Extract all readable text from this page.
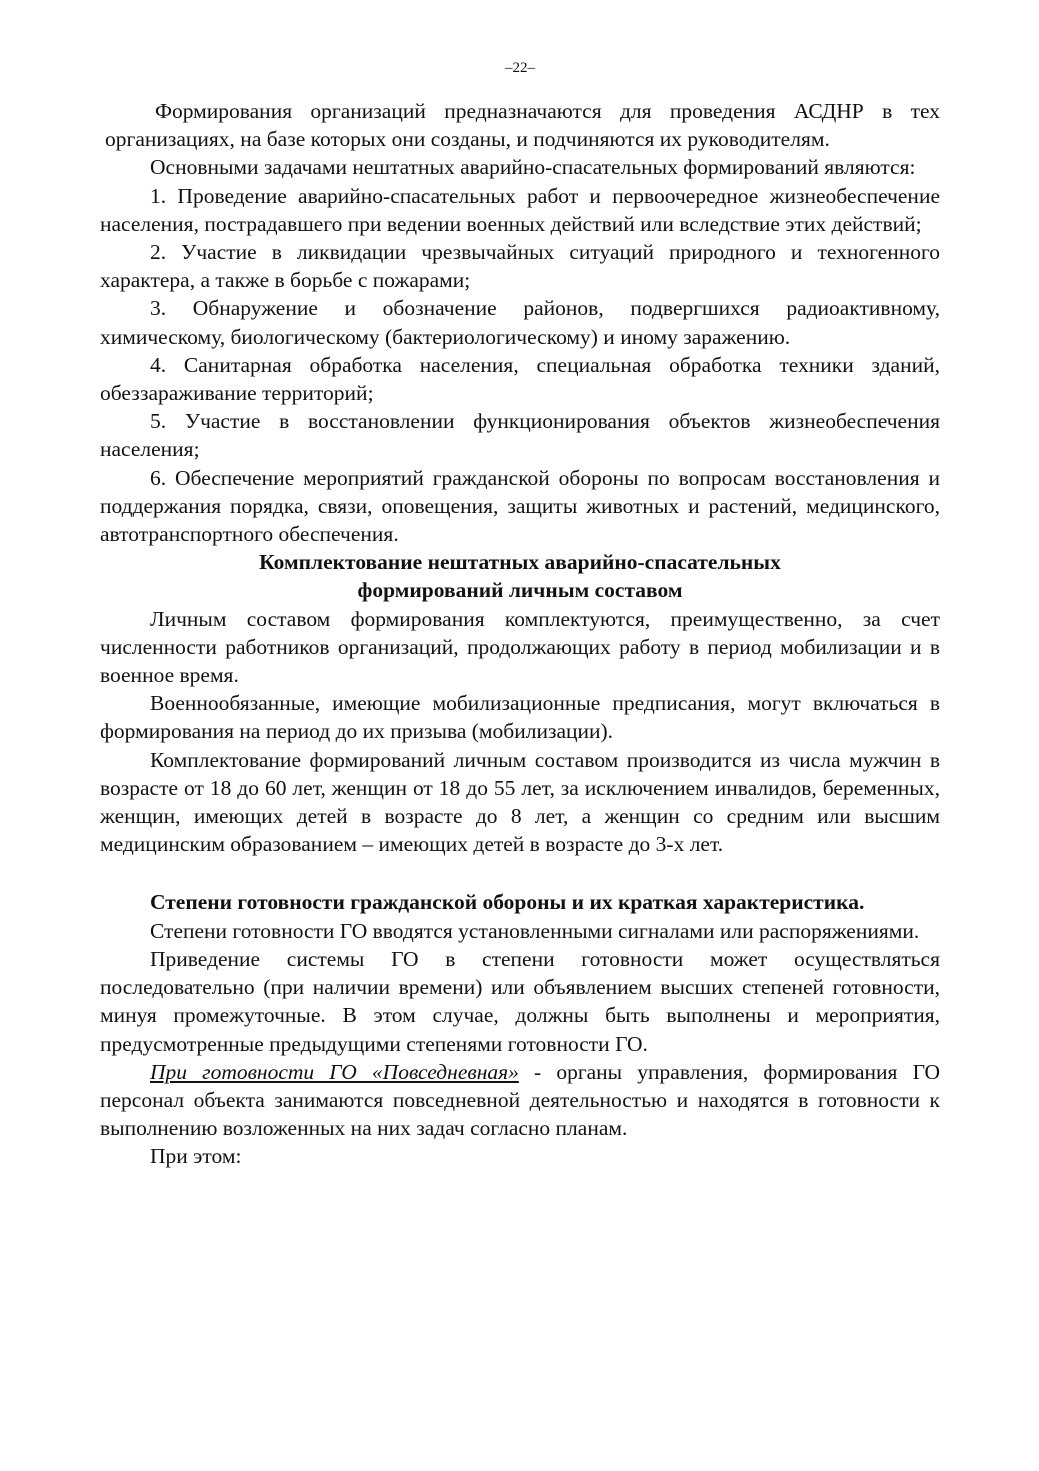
–22–

Формирования организаций предназначаются для проведения АСДНР в тех организациях, на базе которых они созданы, и подчиняются их руководителям.

Основными задачами нештатных аварийно-спасательных формирований являются:

1. Проведение аварийно-спасательных работ и первоочередное жизнеобеспечение населения, пострадавшего при ведении военных действий или вследствие этих действий;

2. Участие в ликвидации чрезвычайных ситуаций природного и техногенного характера, а также в борьбе с пожарами;

3. Обнаружение и обозначение районов, подвергшихся радиоактивному, химическому, биологическому (бактериологическому) и иному заражению.

4. Санитарная обработка населения, специальная обработка техники зданий, обеззараживание территорий;

5. Участие в восстановлении функционирования объектов жизнеобеспечения населения;

6. Обеспечение мероприятий гражданской обороны по вопросам восстановления и поддержания порядка, связи, оповещения, защиты животных и растений, медицинского, автотранспортного обеспечения.

Комплектование нештатных аварийно-спасательных
формирований личным составом

Личным составом формирования комплектуются, преимущественно, за счет численности работников организаций, продолжающих работу в период мобилизации и в военное время.

Военнообязанные, имеющие мобилизационные предписания, могут включаться в формирования на период до их призыва (мобилизации).

Комплектование формирований личным составом производится из числа мужчин в возрасте от 18 до 60 лет, женщин от 18 до 55 лет, за исключением инвалидов, беременных, женщин, имеющих детей в возрасте до 8 лет, а женщин со средним или высшим медицинским образованием – имеющих детей в возрасте до 3-х лет.

Степени готовности гражданской обороны и их краткая характеристика.

Степени готовности ГО вводятся установленными сигналами или распоряжениями.

Приведение системы ГО в степени готовности может осуществляться последовательно (при наличии времени) или объявлением высших степеней готовности, минуя промежуточные. В этом случае, должны быть выполнены и мероприятия, предусмотренные предыдущими степенями готовности ГО.

При готовности ГО «Повседневная» - органы управления, формирования ГО персонал объекта занимаются повседневной деятельностью и находятся в готовности к выполнению возложенных на них задач согласно планам.

При этом:
